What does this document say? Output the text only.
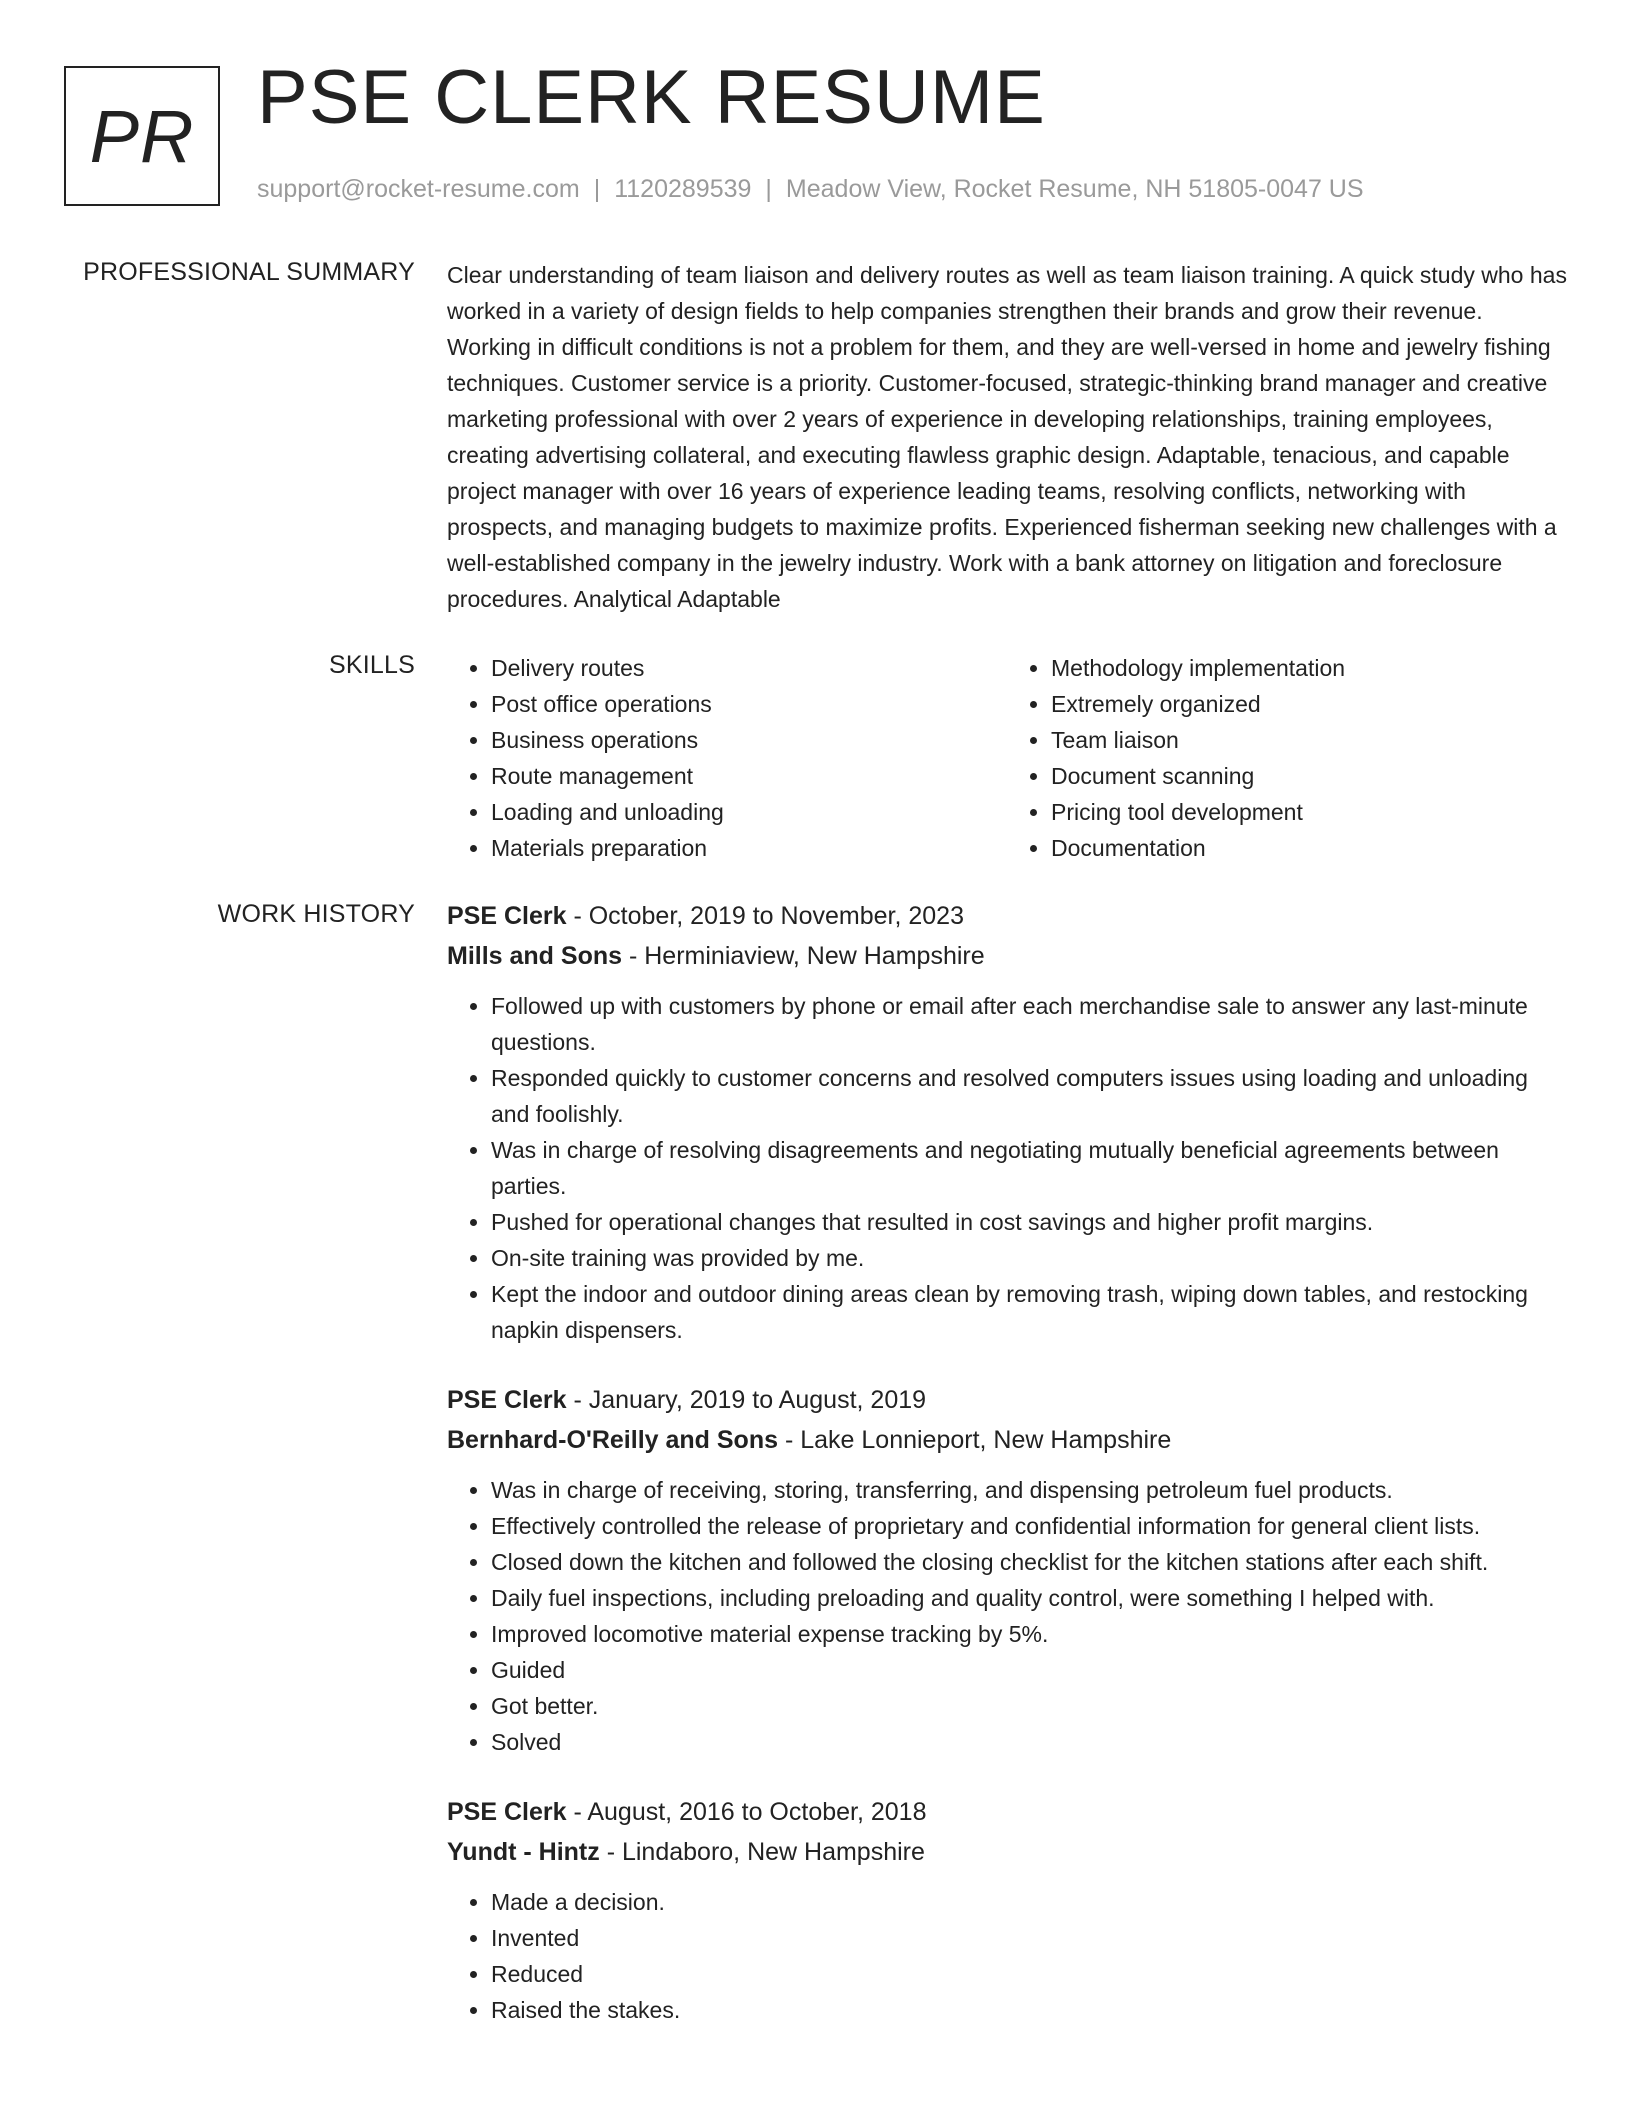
PR PSE CLERK RESUME
support@rocket-resume.com | 1120289539 | Meadow View, Rocket Resume, NH 51805-0047 US
PROFESSIONAL SUMMARY Clear understanding of team liaison and delivery routes as well as team liaison training. A quick study who has worked in a variety of design fields to help companies strengthen their brands and grow their revenue. Working in difficult conditions is not a problem for them, and they are well-versed in home and jewelry fishing techniques. Customer service is a priority. Customer-focused, strategic-thinking brand manager and creative marketing professional with over 2 years of experience in developing relationships, training employees, creating advertising collateral, and executing flawless graphic design. Adaptable, tenacious, and capable project manager with over 16 years of experience leading teams, resolving conflicts, networking with prospects, and managing budgets to maximize profits. Experienced fisherman seeking new challenges with a well-established company in the jewelry industry. Work with a bank attorney on litigation and foreclosure procedures. Analytical Adaptable

SKILLS
•	Delivery routes
• Post office operations
• Business operations
• Route management
• Loading and unloading
• Materials preparation
• Methodology implementation
• Extremely organized
• Team liaison
• Document scanning
• Pricing tool development
• Documentation
WORK HISTORY PSE Clerk - October, 2019 to November, 2023
Mills and Sons - Herminiaview, New Hampshire
• Followed up with customers by phone or email after each merchandise sale to answer any last-minute questions.
• Responded quickly to customer concerns and resolved computers issues using loading and unloading and foolishly.
• Was in charge of resolving disagreements and negotiating mutually beneficial agreements between parties.
• Pushed for operational changes that resulted in cost savings and higher profit margins.
• On-site training was provided by me.
• Kept the indoor and outdoor dining areas clean by removing trash, wiping down tables, and restocking napkin dispensers.
PSE Clerk - January, 2019 to August, 2019
Bernhard-O'Reilly and Sons - Lake Lonnieport, New Hampshire
• Was in charge of receiving, storing, transferring, and dispensing petroleum fuel products.
• Effectively controlled the release of proprietary and confidential information for general client lists.
• Closed down the kitchen and followed the closing checklist for the kitchen stations after each shift.
• Daily fuel inspections, including preloading and quality control, were something I helped with.
• Improved locomotive material expense tracking by 5%.
• Guided
• Got better.
• Solved
PSE Clerk - August, 2016 to October, 2018
Yundt - Hintz - Lindaboro, New Hampshire
• Made a decision.
• Invented
• Reduced
• Raised the stakes.
